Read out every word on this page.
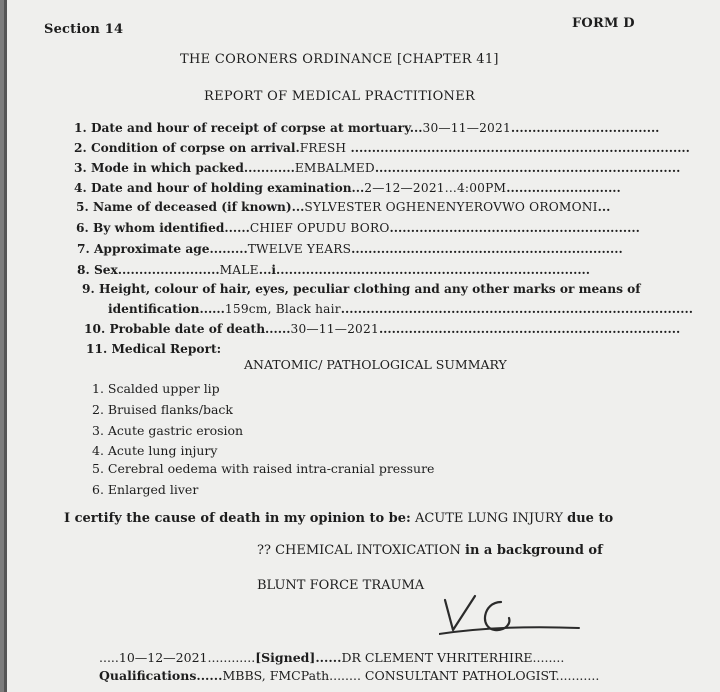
Section 14	FORM D
THE CORONERS ORDINANCE [CHAPTER 41]
REPORT OF MEDICAL PRACTITIONER
1. Date and hour of receipt of corpse at mortuary...30—11—2021...................................
2. Condition of corpse on arrival.FRESH ................................................................................
3. Mode in which packed............EMBALMED........................................................................
4. Date and hour of holding examination...2—12—2021...4:00PM...........................
5. Name of deceased (if known)...SYLVESTER OGHENENYEROVWO OROMONI...
6. By whom identified......CHIEF OPUDU BORO...........................................................
7. Approximate age.........TWELVE YEARS................................................................
8. Sex........................MALE...i..........................................................................
9. Height, colour of hair, eyes, peculiar clothing and any other marks or means of
identification......159cm, Black hair...................................................................................
10. Probable date of death......30—11—2021.......................................................................
11. Medical Report:
ANATOMIC/ PATHOLOGICAL SUMMARY
1. Scalded upper lip
2. Bruised flanks/back
3. Acute gastric erosion
4. Acute lung injury
5. Cerebral oedema with raised intra-cranial pressure
6. Enlarged liver
I certify the cause of death in my opinion to be: ACUTE LUNG INJURY due to
?? CHEMICAL INTOXICATION in a background of
BLUNT FORCE TRAUMA
.....10—12—2021............[Signed]......DR CLEMENT VHRITERHIRE........
Qualifications......MBBS, FMCPath........ CONSULTANT PATHOLOGIST...........
